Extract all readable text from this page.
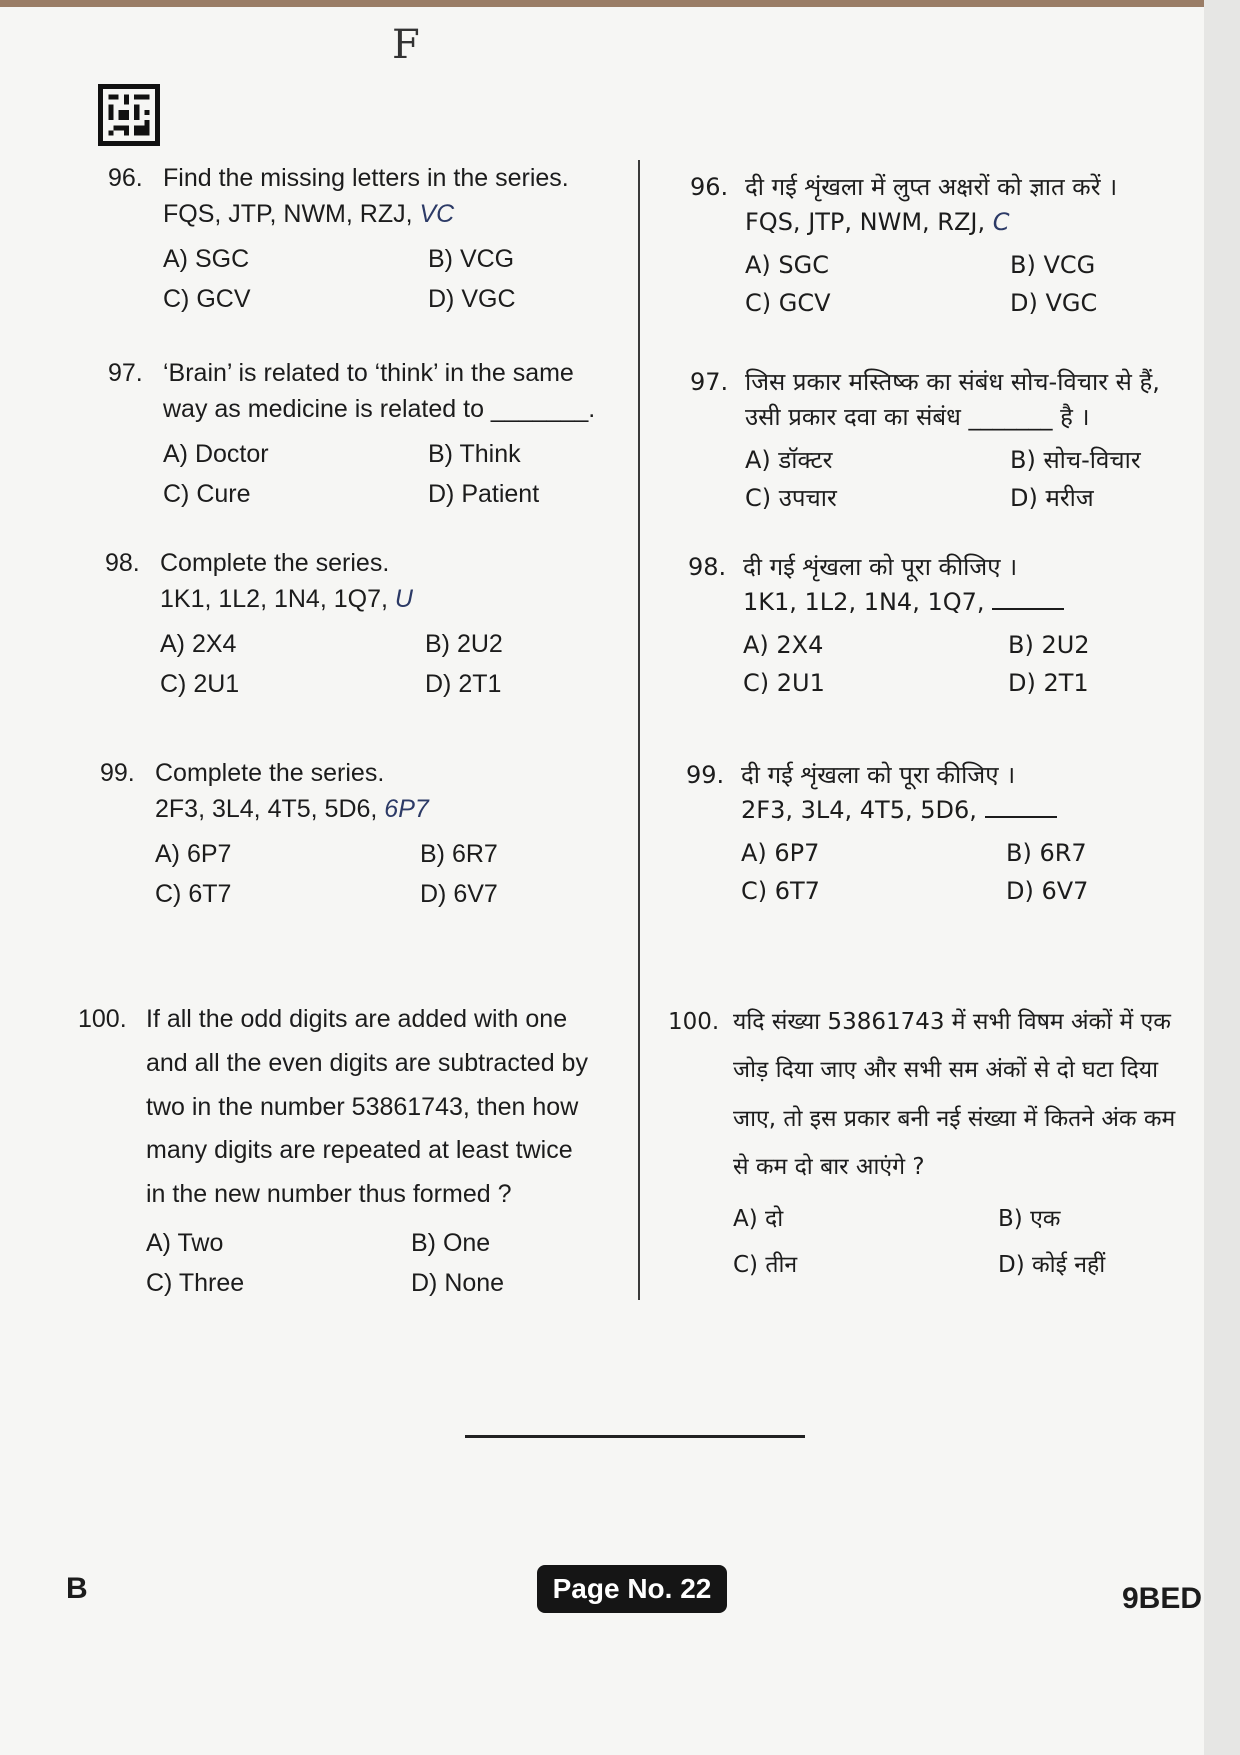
F
96. Find the missing letters in the series.
FQS, JTP, NWM, RZJ, VC
A) SGC	B) VCG
C) GCV	D) VGC
97. ‘Brain’ is related to ‘think’ in the same
way as medicine is related to _______.
A) Doctor	B) Think
C) Cure	D) Patient
98. Complete the series.
1K1, 1L2, 1N4, 1Q7, U
A) 2X4	B) 2U2
C) 2U1	D) 2T1
99. Complete the series.
2F3, 3L4, 4T5, 5D6, 6P7
A) 6P7	B) 6R7
C) 6T7	D) 6V7
100. If all the odd digits are added with one
and all the even digits are subtracted by
two in the number 53861743, then how
many digits are repeated at least twice
in the new number thus formed ?
A) Two	B) One
C) Three	D) None
96. दी गई शृंखला में लुप्त अक्षरों को ज्ञात करें ।
FQS, JTP, NWM, RZJ, C
A) SGC	B) VCG
C) GCV	D) VGC
97. जिस प्रकार मस्तिष्क का संबंध सोच-विचार से हैं,
उसी प्रकार दवा का संबंध _______ है ।
A) डॉक्टर	B) सोच-विचार
C) उपचार	D) मरीज
98. दी गई शृंखला को पूरा कीजिए ।
1K1, 1L2, 1N4, 1Q7,
A) 2X4	B) 2U2
C) 2U1	D) 2T1
99. दी गई शृंखला को पूरा कीजिए ।
2F3, 3L4, 4T5, 5D6,
A) 6P7	B) 6R7
C) 6T7	D) 6V7
100. यदि संख्या 53861743 में सभी विषम अंकों में एक
जोड़ दिया जाए और सभी सम अंकों से दो घटा दिया
जाए, तो इस प्रकार बनी नई संख्या में कितने अंक कम
से कम दो बार आएंगे ?
A) दो	B) एक
C) तीन	D) कोई नहीं
B	Page No. 22	9BED
